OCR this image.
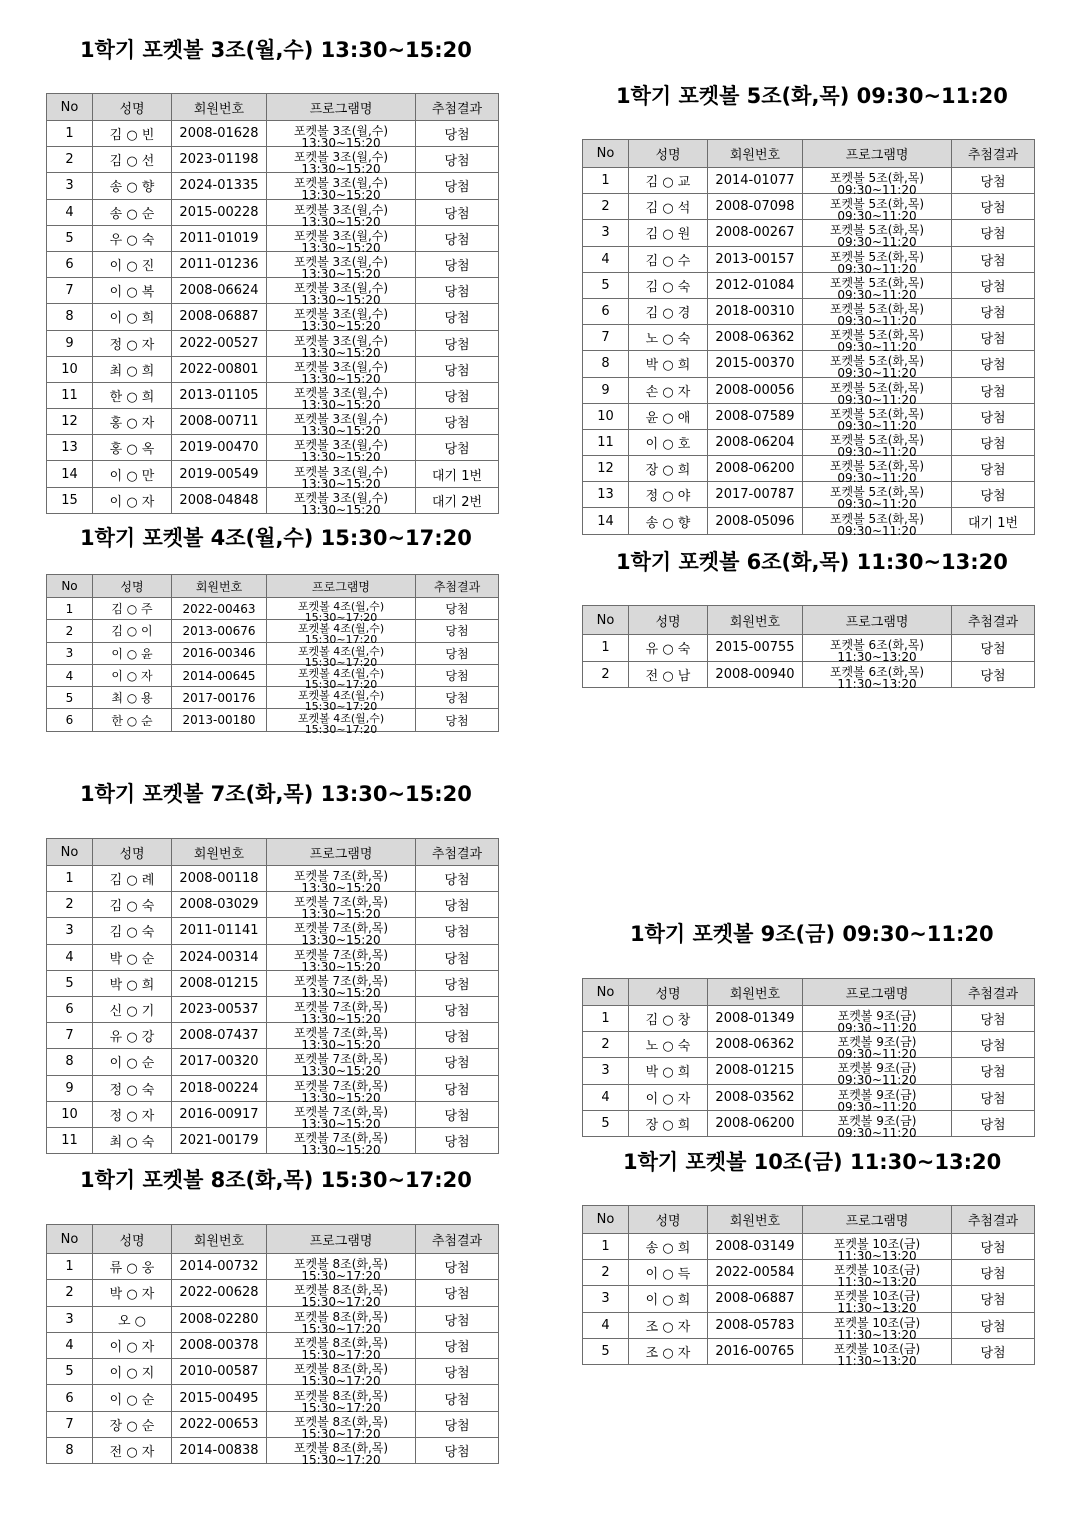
1학기 포켓볼 3조(월,수) 13:30~15:20
No	성명	회원번호	프로그램명	추첨결과
1	김 ○ 빈	2008-01628	포켓볼 3조(월,수)
13:30~15:20	당첨
2	김 ○ 선	2023-01198	포켓볼 3조(월,수)
13:30~15:20	당첨
3	송 ○ 향	2024-01335	포켓볼 3조(월,수)
13:30~15:20	당첨
4	송 ○ 순	2015-00228	포켓볼 3조(월,수)
13:30~15:20	당첨
5	우 ○ 숙	2011-01019	포켓볼 3조(월,수)
13:30~15:20	당첨
6	이 ○ 진	2011-01236	포켓볼 3조(월,수)
13:30~15:20	당첨
7	이 ○ 복	2008-06624	포켓볼 3조(월,수)
13:30~15:20	당첨
8	이 ○ 희	2008-06887	포켓볼 3조(월,수)
13:30~15:20	당첨
9	정 ○ 자	2022-00527	포켓볼 3조(월,수)
13:30~15:20	당첨
10	최 ○ 희	2022-00801	포켓볼 3조(월,수)
13:30~15:20	당첨
11	한 ○ 희	2013-01105	포켓볼 3조(월,수)
13:30~15:20	당첨
12	홍 ○ 자	2008-00711	포켓볼 3조(월,수)
13:30~15:20	당첨
13	홍 ○ 옥	2019-00470	포켓볼 3조(월,수)
13:30~15:20	당첨
14	이 ○ 만	2019-00549	포켓볼 3조(월,수)
13:30~15:20	대기 1번
15	이 ○ 자	2008-04848	포켓볼 3조(월,수)
13:30~15:20	대기 2번
1학기 포켓볼 4조(월,수) 15:30~17:20
No	성명	회원번호	프로그램명	추첨결과
1	김 ○ 주	2022-00463	포켓볼 4조(월,수)
15:30~17:20	당첨
2	김 ○ 이	2013-00676	포켓볼 4조(월,수)
15:30~17:20	당첨
3	이 ○ 윤	2016-00346	포켓볼 4조(월,수)
15:30~17:20	당첨
4	이 ○ 자	2014-00645	포켓볼 4조(월,수)
15:30~17:20	당첨
5	최 ○ 용	2017-00176	포켓볼 4조(월,수)
15:30~17:20	당첨
6	한 ○ 순	2013-00180	포켓볼 4조(월,수)
15:30~17:20	당첨
1학기 포켓볼 5조(화,목) 09:30~11:20
No	성명	회원번호	프로그램명	추첨결과
1	김 ○ 교	2014-01077	포켓볼 5조(화,목)
09:30~11:20	당첨
2	김 ○ 석	2008-07098	포켓볼 5조(화,목)
09:30~11:20	당첨
3	김 ○ 원	2008-00267	포켓볼 5조(화,목)
09:30~11:20	당첨
4	김 ○ 수	2013-00157	포켓볼 5조(화,목)
09:30~11:20	당첨
5	김 ○ 숙	2012-01084	포켓볼 5조(화,목)
09:30~11:20	당첨
6	김 ○ 경	2018-00310	포켓볼 5조(화,목)
09:30~11:20	당첨
7	노 ○ 숙	2008-06362	포켓볼 5조(화,목)
09:30~11:20	당첨
8	박 ○ 희	2015-00370	포켓볼 5조(화,목)
09:30~11:20	당첨
9	손 ○ 자	2008-00056	포켓볼 5조(화,목)
09:30~11:20	당첨
10	윤 ○ 애	2008-07589	포켓볼 5조(화,목)
09:30~11:20	당첨
11	이 ○ 호	2008-06204	포켓볼 5조(화,목)
09:30~11:20	당첨
12	장 ○ 희	2008-06200	포켓볼 5조(화,목)
09:30~11:20	당첨
13	정 ○ 야	2017-00787	포켓볼 5조(화,목)
09:30~11:20	당첨
14	송 ○ 향	2008-05096	포켓볼 5조(화,목)
09:30~11:20	대기 1번
1학기 포켓볼 6조(화,목) 11:30~13:20
No	성명	회원번호	프로그램명	추첨결과
1	유 ○ 숙	2015-00755	포켓볼 6조(화,목)
11:30~13:20	당첨
2	전 ○ 남	2008-00940	포켓볼 6조(화,목)
11:30~13:20	당첨
1학기 포켓볼 7조(화,목) 13:30~15:20
No	성명	회원번호	프로그램명	추첨결과
1	김 ○ 례	2008-00118	포켓볼 7조(화,목)
13:30~15:20	당첨
2	김 ○ 숙	2008-03029	포켓볼 7조(화,목)
13:30~15:20	당첨
3	김 ○ 숙	2011-01141	포켓볼 7조(화,목)
13:30~15:20	당첨
4	박 ○ 순	2024-00314	포켓볼 7조(화,목)
13:30~15:20	당첨
5	박 ○ 희	2008-01215	포켓볼 7조(화,목)
13:30~15:20	당첨
6	신 ○ 기	2023-00537	포켓볼 7조(화,목)
13:30~15:20	당첨
7	유 ○ 강	2008-07437	포켓볼 7조(화,목)
13:30~15:20	당첨
8	이 ○ 순	2017-00320	포켓볼 7조(화,목)
13:30~15:20	당첨
9	정 ○ 숙	2018-00224	포켓볼 7조(화,목)
13:30~15:20	당첨
10	정 ○ 자	2016-00917	포켓볼 7조(화,목)
13:30~15:20	당첨
11	최 ○ 숙	2021-00179	포켓볼 7조(화,목)
13:30~15:20	당첨
1학기 포켓볼 8조(화,목) 15:30~17:20
No	성명	회원번호	프로그램명	추첨결과
1	류 ○ 웅	2014-00732	포켓볼 8조(화,목)
15:30~17:20	당첨
2	박 ○ 자	2022-00628	포켓볼 8조(화,목)
15:30~17:20	당첨
3	오 ○	2008-02280	포켓볼 8조(화,목)
15:30~17:20	당첨
4	이 ○ 자	2008-00378	포켓볼 8조(화,목)
15:30~17:20	당첨
5	이 ○ 지	2010-00587	포켓볼 8조(화,목)
15:30~17:20	당첨
6	이 ○ 순	2015-00495	포켓볼 8조(화,목)
15:30~17:20	당첨
7	장 ○ 순	2022-00653	포켓볼 8조(화,목)
15:30~17:20	당첨
8	전 ○ 자	2014-00838	포켓볼 8조(화,목)
15:30~17:20	당첨
1학기 포켓볼 9조(금) 09:30~11:20
No	성명	회원번호	프로그램명	추첨결과
1	김 ○ 창	2008-01349	포켓볼 9조(금)
09:30~11:20	당첨
2	노 ○ 숙	2008-06362	포켓볼 9조(금)
09:30~11:20	당첨
3	박 ○ 희	2008-01215	포켓볼 9조(금)
09:30~11:20	당첨
4	이 ○ 자	2008-03562	포켓볼 9조(금)
09:30~11:20	당첨
5	장 ○ 희	2008-06200	포켓볼 9조(금)
09:30~11:20	당첨
1학기 포켓볼 10조(금) 11:30~13:20
No	성명	회원번호	프로그램명	추첨결과
1	송 ○ 희	2008-03149	포켓볼 10조(금)
11:30~13:20	당첨
2	이 ○ 득	2022-00584	포켓볼 10조(금)
11:30~13:20	당첨
3	이 ○ 희	2008-06887	포켓볼 10조(금)
11:30~13:20	당첨
4	조 ○ 자	2008-05783	포켓볼 10조(금)
11:30~13:20	당첨
5	조 ○ 자	2016-00765	포켓볼 10조(금)
11:30~13:20	당첨
